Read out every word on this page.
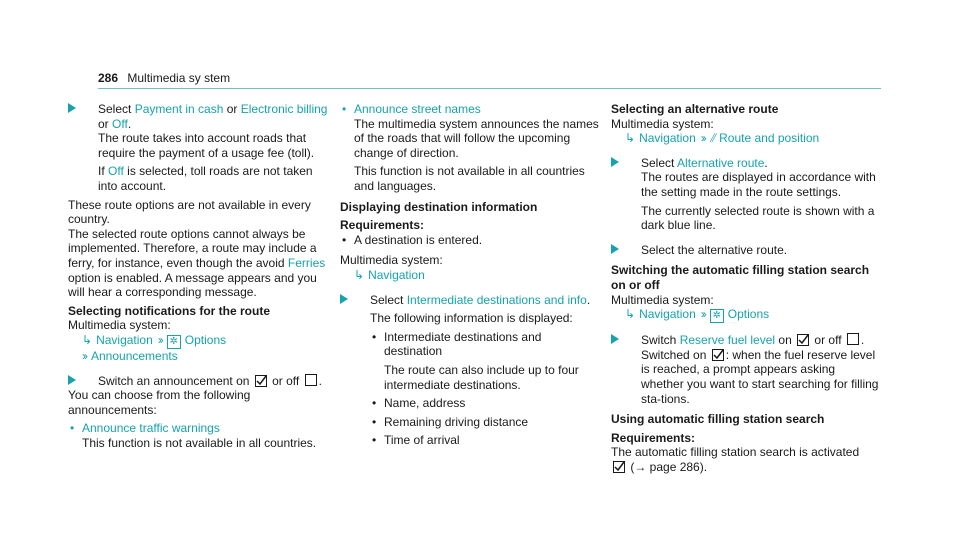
286 Multimedia sy stem

Select Payment in cash or Electronic billing
or Off.

The route takes into account roads that require the payment of a usage fee (toll).

If Off is selected, toll roads are not taken into account.

These route options are not available in every country.

The selected route options cannot always be implemented. Therefore, a route may include a ferry, for instance, even though the avoid Ferries option is enabled. A message appears and you will hear a corresponding message.

Selecting notifications for the route

Multimedia system:

↳ Navigation ›› ✲ Options
›› Announcements

Switch an announcement on  or off .

You can choose from the following announcements:

• Announce traffic warnings

This function is not available in all countries.

• Announce street names

The multimedia system announces the names of the roads that will follow the upcoming change of direction.

This function is not available in all countries and languages.

Displaying destination information

Requirements:

• A destination is entered.

Multimedia system:

↳ Navigation

Select Intermediate destinations and info.

The following information is displayed:

• Intermediate destinations and destination

The route can also include up to four intermediate destinations.

• Name, address

• Remaining driving distance

• Time of arrival

Selecting an alternative route

Multimedia system:

↳ Navigation ›› ⫽ Route and position

Select Alternative route.

The routes are displayed in accordance with the setting made in the route settings.

The currently selected route is shown with a dark blue line.

Select the alternative route.

Switching the automatic filling station search on or off

Multimedia system:

↳ Navigation ›› ✲ Options

Switch Reserve fuel level on  or off .

Switched on : when the fuel reserve level is reached, a prompt appears asking whether you want to start searching for filling sta-tions.

Using automatic filling station search

Requirements:

The automatic filling station search is activated

(→ page 286).
